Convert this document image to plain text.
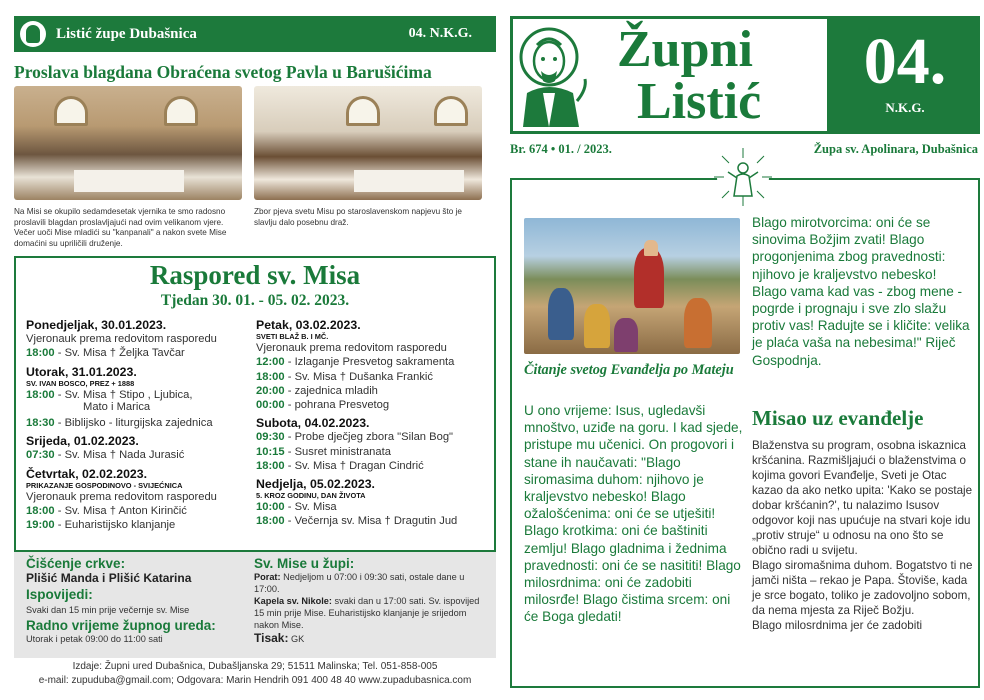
Listić župe Dubašnica	04. N.K.G.
Proslava blagdana Obraćena svetog Pavla u Barušićima
Na Misi se okupilo sedamdesetak vjernika te smo radosno proslavili blagdan proslavljajući nad ovim velikanom vjere. Večer uoči Mise mladići su "kanpanali" a nakon svete Mise domaćini su upriličili druženje.
Zbor pjeva svetu Misu po staroslavenskom napjevu što je slavlju dalo posebnu draž.
Raspored sv. Misa
Tjedan 30. 01. - 05. 02. 2023.
Ponedjeljak, 30.01.2023.
Vjeronauk prema redovitom rasporedu
18:00 - Sv. Misa † Željka Tavčar
Utorak, 31.01.2023.
SV. IVAN BOSCO, PREZ + 1888
18:00 - Sv. Misa † Stipo , Ljubica,
Mato i Marica
18:30 - Biblijsko - liturgijska zajednica
Srijeda, 01.02.2023.
07:30 - Sv. Misa † Nada Jurasić
Četvrtak, 02.02.2023.
PRIKAZANJE GOSPODINOVO - SVIJEĆNICA
Vjeronauk prema redovitom rasporedu
18:00 - Sv. Misa † Anton Kirinčić
19:00 - Euharistijsko klanjanje
Petak, 03.02.2023.
SVETI BLAŽ B. I MČ.
Vjeronauk prema redovitom rasporedu
12:00 - Izlaganje Presvetog sakramenta
18:00 - Sv. Misa † Dušanka Frankić
20:00 - zajednica mladih
00:00 - pohrana Presvetog
Subota, 04.02.2023.
09:30 - Probe dječjeg zbora "Silan Bog"
10:15 - Susret ministranata
18:00 - Sv. Misa † Dragan Cindrić
Nedjelja, 05.02.2023.
5. KROZ GODINU, DAN ŽIVOTA
10:00 - Sv. Misa
18:00 - Večernja sv. Misa † Dragutin Jud
Čišćenje crkve:
Plišić Manda i Plišić Katarina
Ispovijedi:
Svaki dan 15 min prije večernje sv. Mise
Radno vrijeme župnog ureda:
Utorak i petak 09:00 do 11:00 sati
Sv. Mise u župi:
Porat: Nedjeljom u 07:00 i 09:30 sati, ostale dane u 17:00.
Kapela sv. Nikole: svaki dan u 17:00 sati. Sv. ispovijed 15 min prije Mise. Euharistijsko klanjanje je srijedom nakon Mise.
Tisak: GK
Izdaje: Župni ured Dubašnica, Dubašljanska 29; 51511 Malinska; Tel. 051-858-005
e-mail: zupuduba@gmail.com; Odgovara: Marin Hendrih 091 400 48 40 www.zupadubasnica.com
Župni
Listić
04.
N.K.G.
Br. 674 • 01. / 2023.	Župa sv. Apolinara, Dubašnica
Čitanje svetog Evanđelja po Mateju
U ono vrijeme: Isus, ugledavši mnoštvo, uziđe na goru. I kad sjede, pristupe mu učenici. On progovori i stane ih naučavati: "Blago siromasima duhom: njihovo je kraljevstvo nebesko! Blago ožalošćenima: oni će se utješiti! Blago krotkima: oni će baštiniti zemlju! Blago gladnima i žednima pravednosti: oni će se nasititi! Blago milosrdnima: oni će zadobiti milosrđe! Blago čistima srcem: oni će Boga gledati!
Blago mirotvorcima: oni će se sinovima Božjim zvati! Blago progonjenima zbog pravednosti: njihovo je kraljevstvo nebesko! Blago vama kad vas - zbog mene - pogrde i prognaju i sve zlo slažu protiv vas! Radujte se i kličite: velika je plaća vaša na nebesima!" Riječ Gospodnja.
Misao uz evanđelje

Blaženstva su program, osobna iskaznica kršćanina. Razmišljajući o blaženstvima o kojima govori Evanđelje, Sveti je Otac kazao da ako netko upita: 'Kako se postaje dobar kršćanin?', tu nalazimo Isusov odgovor koji nas upućuje na stvari koje idu „protiv struje“ u odnosu na ono što se obično radi u svijetu.

Blago siromašnima duhom. Bogatstvo ti ne jamči ništa – rekao je Papa. Štoviše, kada je srce bogato, toliko je zadovoljno sobom, da nema mjesta za Riječ Božju.

Blago milosrdnima jer će zadobiti
